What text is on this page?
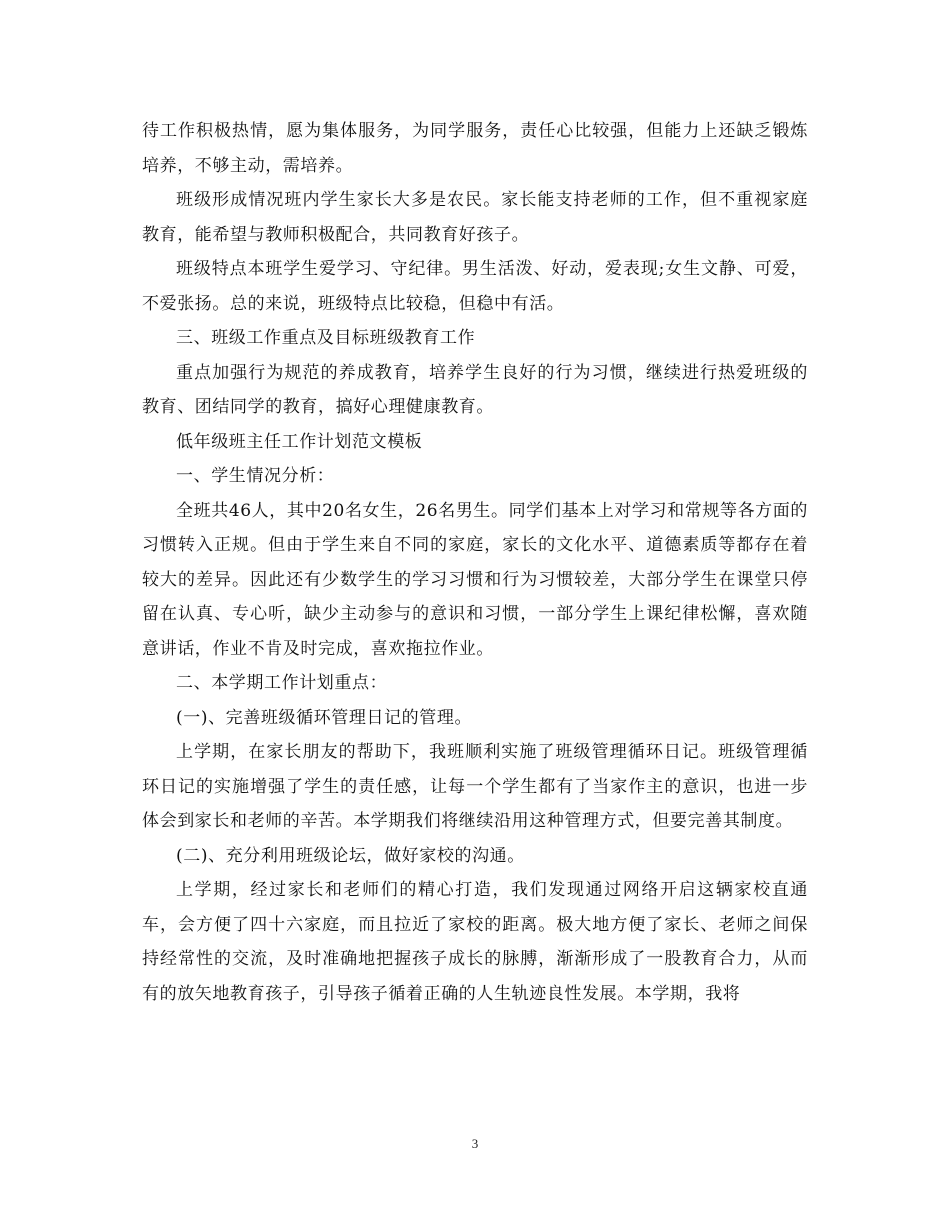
待工作积极热情，愿为集体服务，为同学服务，责任心比较强，但能力上还缺乏锻炼培养，不够主动，需培养。

班级形成情况班内学生家长大多是农民。家长能支持老师的工作，但不重视家庭教育，能希望与教师积极配合，共同教育好孩子。

班级特点本班学生爱学习、守纪律。男生活泼、好动，爱表现;女生文静、可爱，不爱张扬。总的来说，班级特点比较稳，但稳中有活。

三、班级工作重点及目标班级教育工作

重点加强行为规范的养成教育，培养学生良好的行为习惯，继续进行热爱班级的教育、团结同学的教育，搞好心理健康教育。

低年级班主任工作计划范文模板

一、学生情况分析：

全班共46人，其中20名女生，26名男生。同学们基本上对学习和常规等各方面的习惯转入正规。但由于学生来自不同的家庭，家长的文化水平、道德素质等都存在着较大的差异。因此还有少数学生的学习习惯和行为习惯较差，大部分学生在课堂只停留在认真、专心听，缺少主动参与的意识和习惯，一部分学生上课纪律松懈，喜欢随意讲话，作业不肯及时完成，喜欢拖拉作业。

二、本学期工作计划重点：

(一)、完善班级循环管理日记的管理。

上学期，在家长朋友的帮助下，我班顺利实施了班级管理循环日记。班级管理循环日记的实施增强了学生的责任感，让每一个学生都有了当家作主的意识，也进一步体会到家长和老师的辛苦。本学期我们将继续沿用这种管理方式，但要完善其制度。

(二)、充分利用班级论坛，做好家校的沟通。

上学期，经过家长和老师们的精心打造，我们发现通过网络开启这辆家校直通车，会方便了四十六家庭，而且拉近了家校的距离。极大地方便了家长、老师之间保持经常性的交流，及时准确地把握孩子成长的脉膊，渐渐形成了一股教育合力，从而有的放矢地教育孩子，引导孩子循着正确的人生轨迹良性发展。本学期，我将

3
